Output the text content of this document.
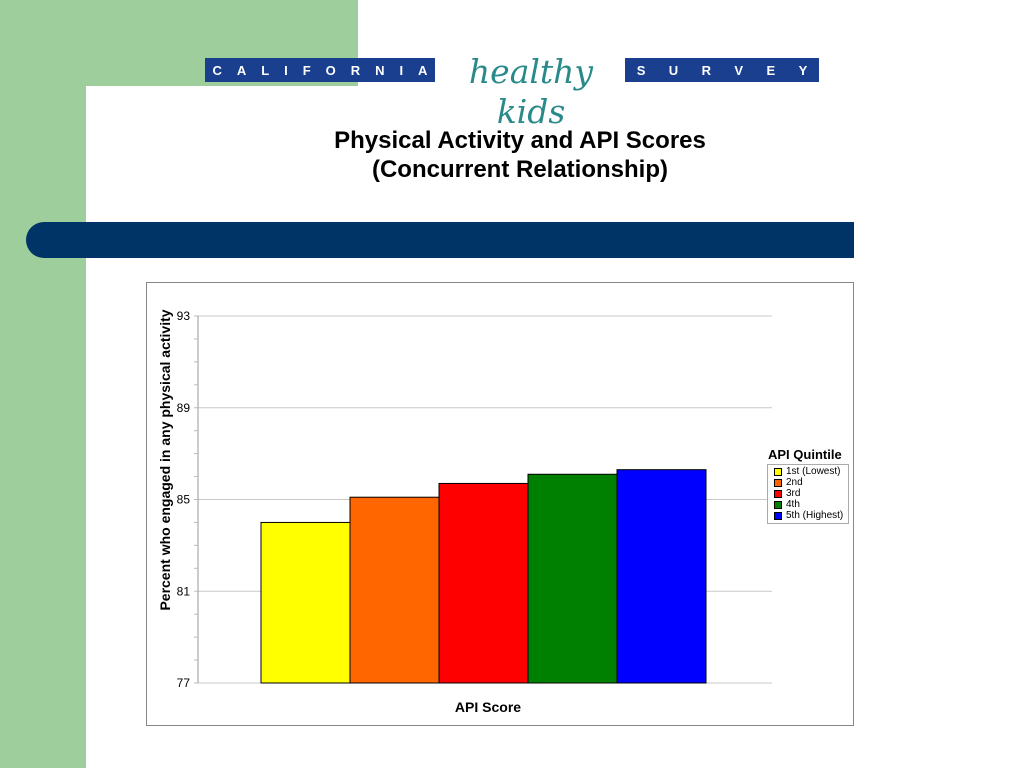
C A L I F O R N I A	healthy kids
S U R V E Y
Physical Activity and API Scores
(Concurrent Relationship)
93
89
85
81
77
Percent who engaged in any physical activity
API Score
API Quintile
1st (Lowest)
2nd
3rd
4th
5th (Highest)
